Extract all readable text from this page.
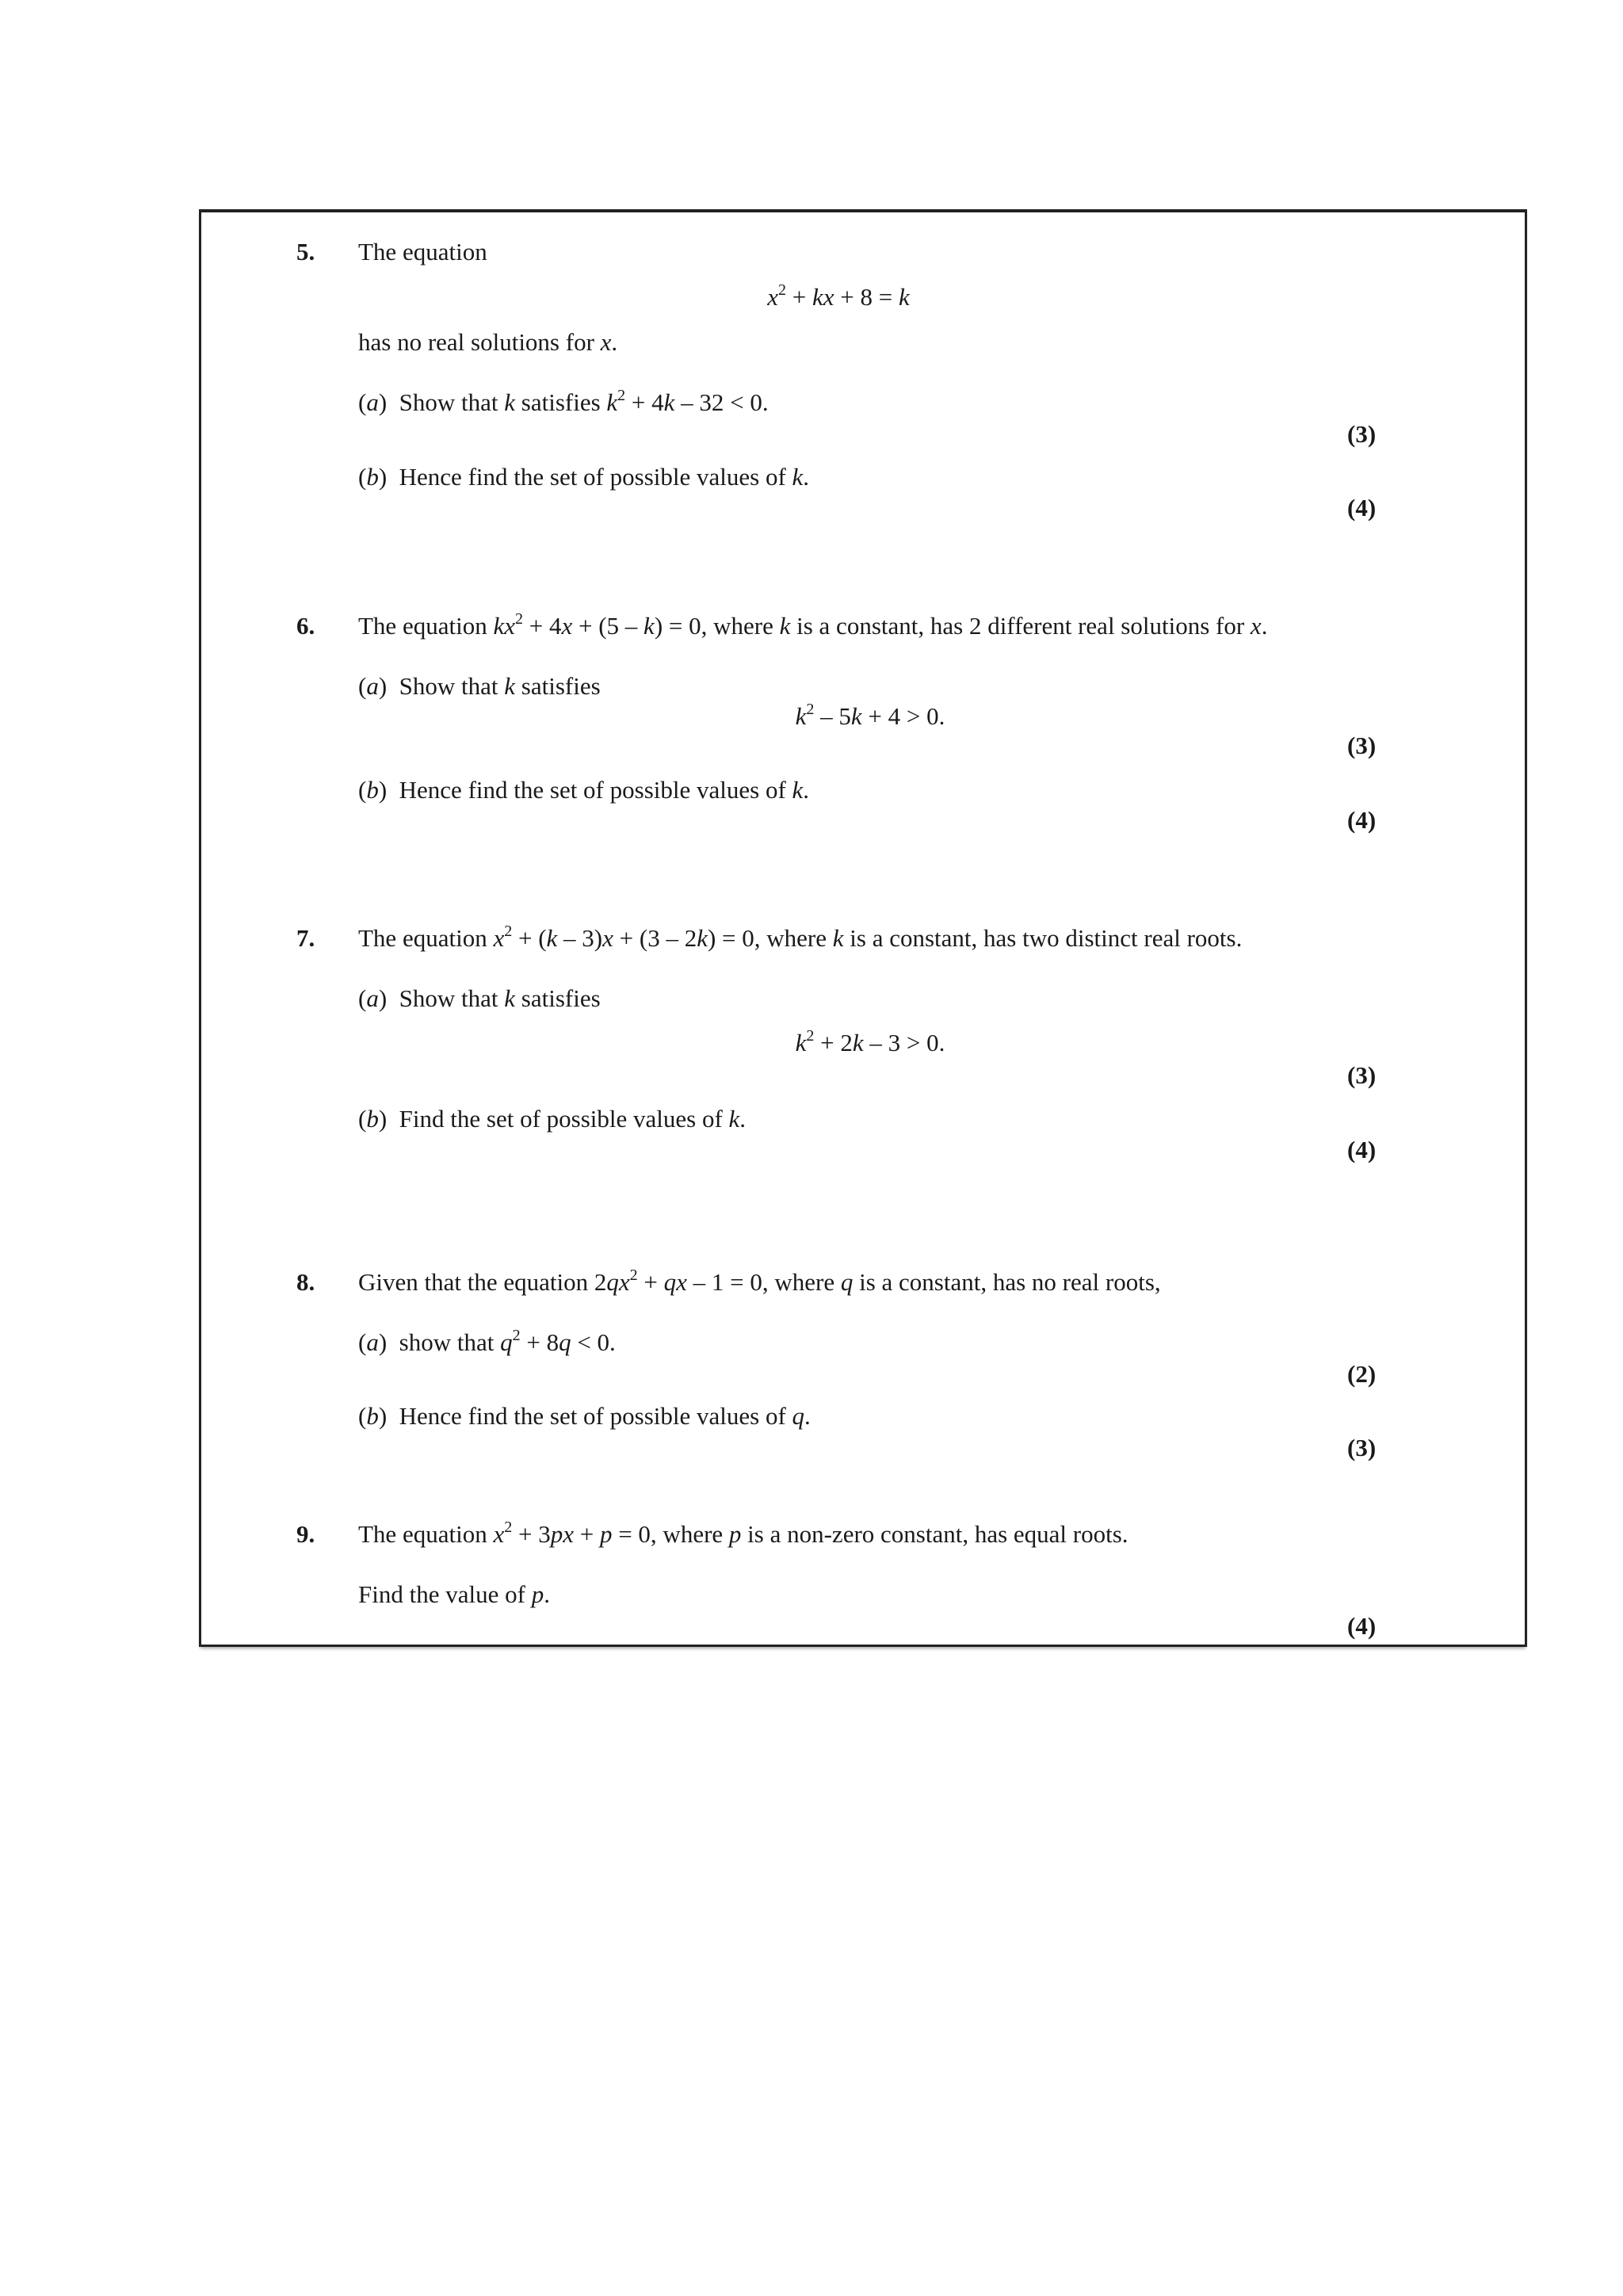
5. The equation
$x^2$ + kx + 8 = k
has no real solutions for x.
(a)  Show that k satisfies $k^2 + 4k - 32 < 0$.
(3)
(b)  Hence find the set of possible values of k.
(4)
6. The equation $kx^2 + 4x + (5 - k) = 0$, where k is a constant, has 2 different real solutions for x.
(a)  Show that k satisfies
$k^2 - 5k + 4 > 0$.
(3)
(b)  Hence find the set of possible values of k.
(4)
7. The equation $x^2 + (k - 3)x + (3 - 2k) = 0$, where k is a constant, has two distinct real roots.
(a)  Show that k satisfies
$k^2 + 2k - 3 > 0$.
(3)
(b)  Find the set of possible values of k.
(4)
8. Given that the equation $2qx^2$ + qx – 1 = 0, where q is a constant, has no real roots,
(a)  show that $q^2 + 8q < 0$.
(2)
(b)  Hence find the set of possible values of q.
(3)
9. The equation $x^2 + 3px + p = 0$, where p is a non-zero constant, has equal roots.
Find the value of p.
(4)
